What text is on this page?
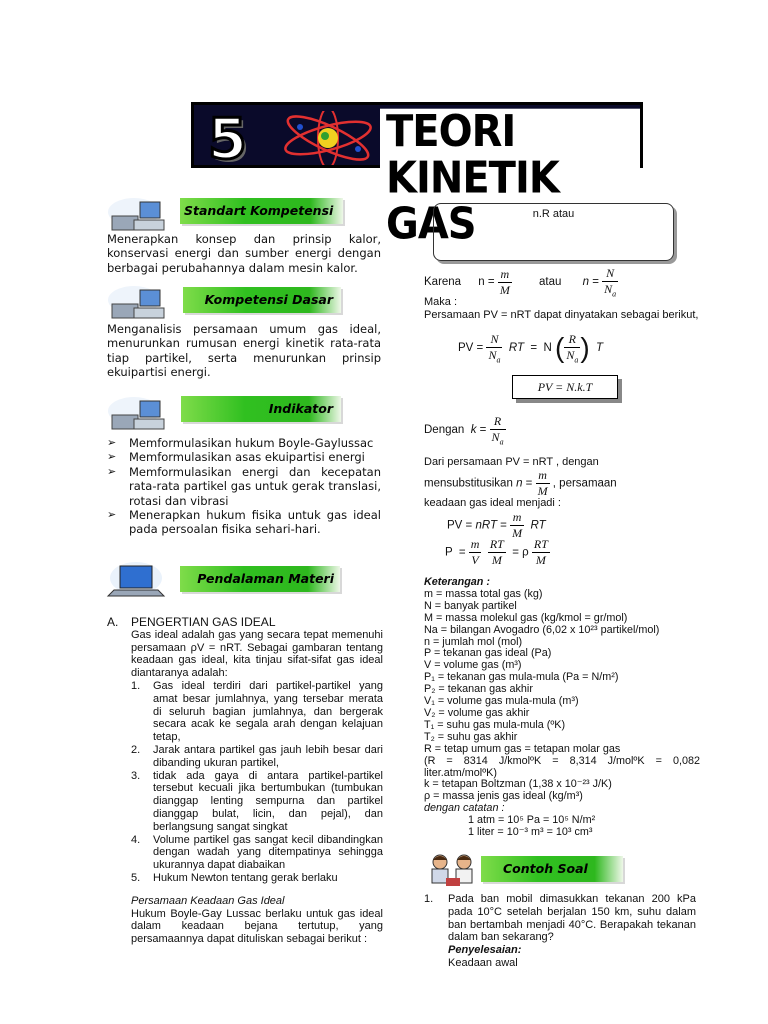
5	TEORI KINETIK GAS
Standart Kompetensi
Menerapkan konsep dan prinsip kalor, konservasi energi dan sumber energi dengan berbagai perubahannya dalam mesin kalor.
Kompetensi Dasar
Menganalisis persamaan umum gas ideal, menurunkan rumusan energi kinetik rata-rata tiap partikel, serta menurunkan prinsip ekuipartisi energi.
Indikator
➢ Memformulasikan hukum Boyle-Gaylussac
➢ Memformulasikan asas ekuipartisi energi
➢ Memformulasikan energi dan kecepatan rata-rata partikel gas untuk gerak translasi, rotasi dan vibrasi
➢ Menerapkan hukum fisika untuk gas ideal pada persoalan fisika sehari-hari.
Pendalaman Materi
A. PENGERTIAN GAS IDEAL
Gas ideal adalah gas yang secara tepat memenuhi persamaan ρV = nRT. Sebagai gambaran tentang keadaan gas ideal, kita tinjau sifat-sifat gas ideal diantaranya adalah:
1. Gas ideal terdiri dari partikel-partikel yang amat besar jumlahnya, yang tersebar merata di seluruh bagian jumlahnya, dan bergerak secara acak ke segala arah dengan kelajuan tetap,
2. Jarak antara partikel gas jauh lebih besar dari dibanding ukuran partikel,
3. tidak ada gaya di antara partikel-partikel tersebut kecuali jika bertumbukan (tumbukan dianggap lenting sempurna dan partikel dianggap bulat, licin, dan pejal), dan berlangsung sangat singkat
4. Volume partikel gas sangat kecil dibandingkan dengan wadah yang ditempatinya sehingga ukurannya dapat diabaikan
5. Hukum Newton tentang gerak berlaku
Persamaan Keadaan Gas Ideal
Hukum Boyle-Gay Lussac berlaku untuk gas ideal dalam keadaan bejana tertutup, yang persamaannya dapat dituliskan sebagai berikut :
n.R atau
Karena $n = \frac{m}{M}$ atau $n = \frac{N}{N_a}$
Maka :
Persamaan PV = nRT dapat dinyatakan sebagai berikut,
PV = $\frac{N}{N_a}$ RT  =  N ( $\frac{R}{N_a}$ ) T
PV = N.k.T
Dengan $k = \frac{R}{N_a}$
Dari persamaan PV = nRT , dengan
mensubstitusikan $n = \frac{m}{M}$ , persamaan
keadaan gas ideal menjadi :
PV = nRT = $\frac{m}{M}$ RT
$P = \frac{m}{V}$
$\frac{RT}{M} = \rho \frac{RT}{M}$
Keterangan :
m = massa total gas (kg)
N = banyak partikel
M = massa molekul gas (kg/kmol = gr/mol)
Na = bilangan Avogadro (6,02 x 10²³ partikel/mol)
n = jumlah mol (mol)
P = tekanan gas ideal (Pa)
V = volume gas (m³)
P₁ = tekanan gas mula-mula (Pa = N/m²)
P₂ = tekanan gas akhir
V₁ = volume gas mula-mula (m³)
V₂ = volume gas akhir
T₁ = suhu gas mula-mula (ºK)
T₂ = suhu gas akhir
R = tetap umum gas = tetapan molar gas
(R = 8314 J/kmolºK = 8,314 J/molºK = 0,082 liter.atm/molºK)
k = tetapan Boltzman (1,38 x 10⁻²³ J/K)
ρ = massa jenis gas ideal (kg/m³)
dengan catatan :
1 atm = 10⁵ Pa = 10⁵ N/m²
1 liter = 10⁻³ m³ = 10³ cm³
Contoh Soal
1. Pada ban mobil dimasukkan tekanan 200 kPa pada 10°C setelah berjalan 150 km, suhu dalam ban bertambah menjadi 40°C. Berapakah tekanan dalam ban sekarang?
Penyelesaian:
Keadaan awal
